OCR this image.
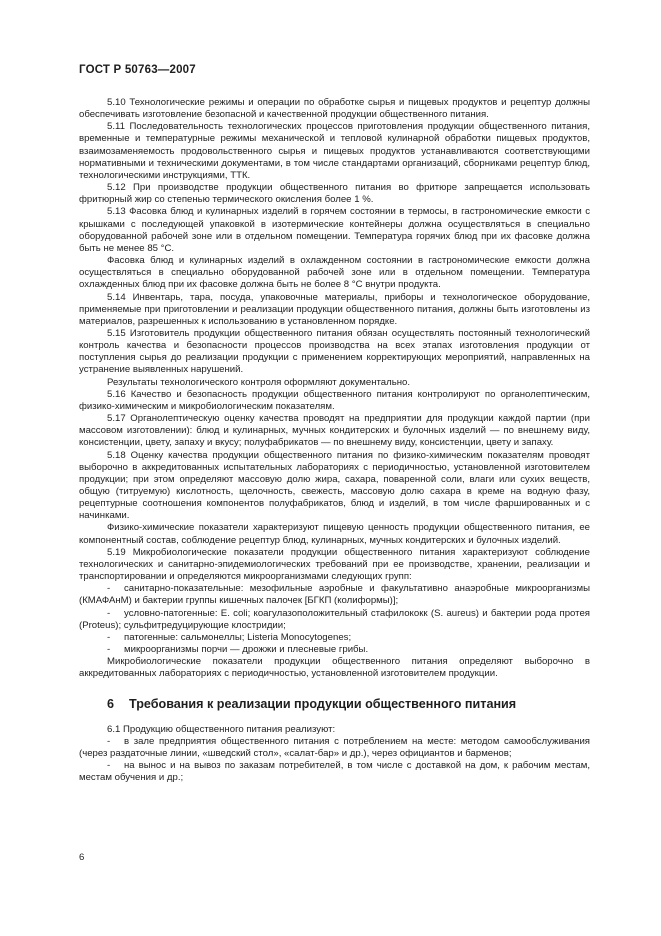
ГОСТ Р 50763—2007

5.10 Технологические режимы и операции по обработке сырья и пищевых продуктов и рецептур должны обеспечивать изготовление безопасной и качественной продукции общественного питания.

5.11 Последовательность технологических процессов приготовления продукции общественного питания, временные и температурные режимы механической и тепловой кулинарной обработки пищевых продуктов, взаимозаменяемость продовольственного сырья и пищевых продуктов устанавливаются соответствующими нормативными и техническими документами, в том числе стандартами организаций, сборниками рецептур блюд, технологическими инструкциями, ТТК.

5.12 При производстве продукции общественного питания во фритюре запрещается использовать фритюрный жир со степенью термического окисления более 1 %.

5.13 Фасовка блюд и кулинарных изделий в горячем состоянии в термосы, в гастрономические емкости с крышками с последующей упаковкой в изотермические контейнеры должна осуществляться в специально оборудованной рабочей зоне или в отдельном помещении. Температура горячих блюд при их фасовке должна быть не менее 85 °С.

Фасовка блюд и кулинарных изделий в охлажденном состоянии в гастрономические емкости должна осуществляться в специально оборудованной рабочей зоне или в отдельном помещении. Температура охлажденных блюд при их фасовке должна быть не более 8 °С внутри продукта.

5.14 Инвентарь, тара, посуда, упаковочные материалы, приборы и технологическое оборудование, применяемые при приготовлении и реализации продукции общественного питания, должны быть изготовлены из материалов, разрешенных к использованию в установленном порядке.

5.15 Изготовитель продукции общественного питания обязан осуществлять постоянный технологический контроль качества и безопасности процессов производства на всех этапах изготовления продукции от поступления сырья до реализации продукции с применением корректирующих мероприятий, направленных на устранение выявленных нарушений.

Результаты технологического контроля оформляют документально.

5.16 Качество и безопасность продукции общественного питания контролируют по органолептическим, физико-химическим и микробиологическим показателям.

5.17 Органолептическую оценку качества проводят на предприятии для продукции каждой партии (при массовом изготовлении): блюд и кулинарных, мучных кондитерских и булочных изделий — по внешнему виду, консистенции, цвету, запаху и вкусу; полуфабрикатов — по внешнему виду, консистенции, цвету и запаху.

5.18 Оценку качества продукции общественного питания по физико-химическим показателям проводят выборочно в аккредитованных испытательных лабораториях с периодичностью, установленной изготовителем продукции; при этом определяют массовую долю жира, сахара, поваренной соли, влаги или сухих веществ, общую (титруемую) кислотность, щелочность, свежесть, массовую долю сахара в креме на водную фазу, рецептурные соотношения компонентов полуфабрикатов, блюд и изделий, в том числе фаршированных и с начинками.

Физико-химические показатели характеризуют пищевую ценность продукции общественного питания, ее компонентный состав, соблюдение рецептур блюд, кулинарных, мучных кондитерских и булочных изделий.

5.19 Микробиологические показатели продукции общественного питания характеризуют соблюдение технологических и санитарно-эпидемиологических требований при ее производстве, хранении, реализации и транспортировании и определяются микроорганизмами следующих групп:

- санитарно-показательные: мезофильные аэробные и факультативно анаэробные микроорганизмы (КМАФАнМ) и бактерии группы кишечных палочек [БГКП (колиформы)];

- условно-патогенные: E. coli; коагулазоположительный стафилококк (S. aureus) и бактерии рода протея (Proteus); сульфитредуцирующие клостридии;

- патогенные: сальмонеллы; Listeria Monocytogenes;

- микроорганизмы порчи — дрожжи и плесневые грибы.

Микробиологические показатели продукции общественного питания определяют выборочно в аккредитованных лабораториях с периодичностью, установленной изготовителем продукции.

6 Требования к реализации продукции общественного питания

6.1 Продукцию общественного питания реализуют:

- в зале предприятия общественного питания с потреблением на месте: методом самообслуживания (через раздаточные линии, «шведский стол», «салат-бар» и др.), через официантов и барменов;

- на вынос и на вывоз по заказам потребителей, в том числе с доставкой на дом, к рабочим местам, местам обучения и др.;

6
